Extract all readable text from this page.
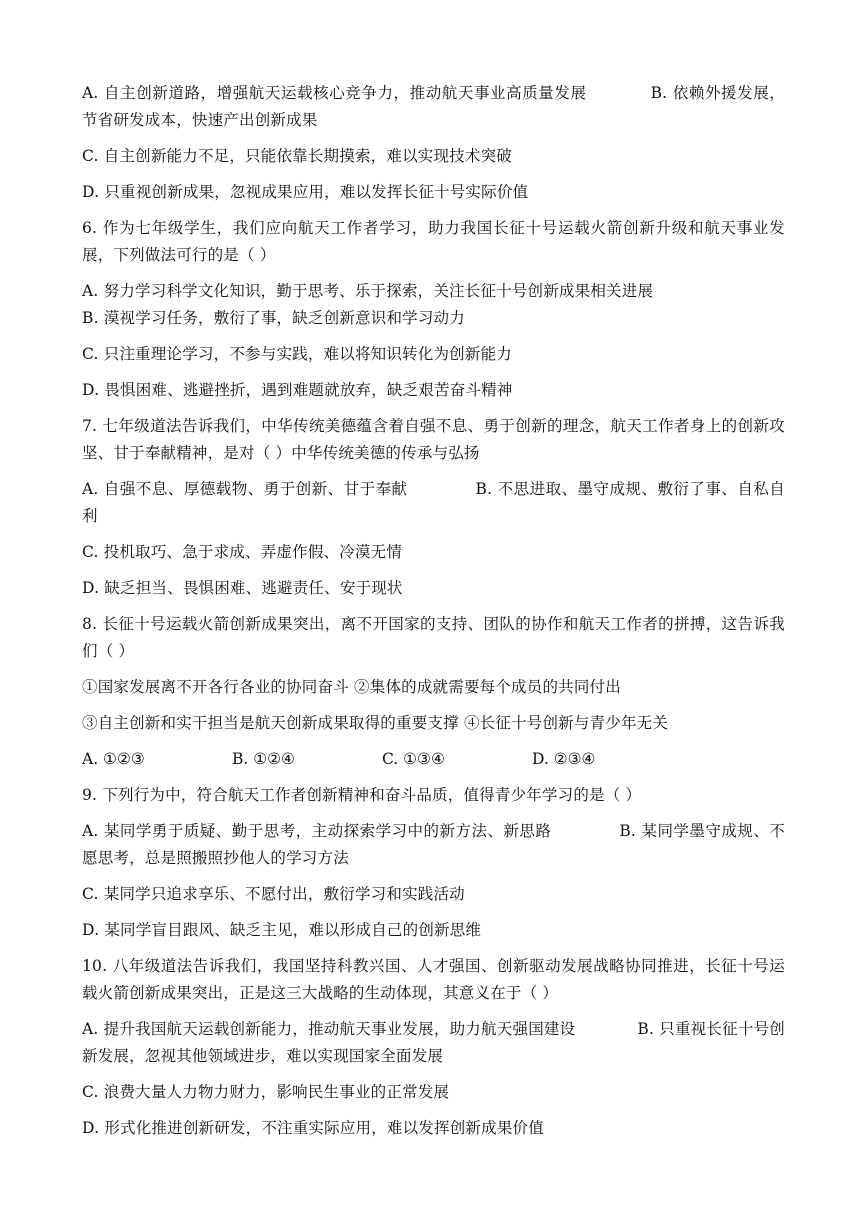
A. 自主创新道路，增强航天运载核心竞争力，推动航天事业高质量发展	B. 依赖外援发展，节省研发成本，快速产出创新成果
C. 自主创新能力不足，只能依靠长期摸索，难以实现技术突破
D. 只重视创新成果，忽视成果应用，难以发挥长征十号实际价值
6. 作为七年级学生，我们应向航天工作者学习，助力我国长征十号运载火箭创新升级和航天事业发展，下列做法可行的是（ ）
A. 努力学习科学文化知识，勤于思考、乐于探索，关注长征十号创新成果相关进展
B. 漠视学习任务，敷衍了事，缺乏创新意识和学习动力
C. 只注重理论学习，不参与实践，难以将知识转化为创新能力
D. 畏惧困难、逃避挫折，遇到难题就放弃，缺乏艰苦奋斗精神
7. 七年级道法告诉我们，中华传统美德蕴含着自强不息、勇于创新的理念，航天工作者身上的创新攻坚、甘于奉献精神，是对（ ）中华传统美德的传承与弘扬
A. 自强不息、厚德载物、勇于创新、甘于奉献	B. 不思进取、墨守成规、敷衍了事、自私自利
C. 投机取巧、急于求成、弄虚作假、冷漠无情
D. 缺乏担当、畏惧困难、逃避责任、安于现状
8. 长征十号运载火箭创新成果突出，离不开国家的支持、团队的协作和航天工作者的拼搏，这告诉我们（ ）
①国家发展离不开各行各业的协同奋斗 ②集体的成就需要每个成员的共同付出
③自主创新和实干担当是航天创新成果取得的重要支撑 ④长征十号创新与青少年无关
A. ①②③	B. ①②④	C. ①③④	D. ②③④
9. 下列行为中，符合航天工作者创新精神和奋斗品质，值得青少年学习的是（ ）
A. 某同学勇于质疑、勤于思考，主动探索学习中的新方法、新思路	B. 某同学墨守成规、不愿思考，总是照搬照抄他人的学习方法
C. 某同学只追求享乐、不愿付出，敷衍学习和实践活动
D. 某同学盲目跟风、缺乏主见，难以形成自己的创新思维
10. 八年级道法告诉我们，我国坚持科教兴国、人才强国、创新驱动发展战略协同推进，长征十号运载火箭创新成果突出，正是这三大战略的生动体现，其意义在于（ ）
A. 提升我国航天运载创新能力，推动航天事业发展，助力航天强国建设	B. 只重视长征十号创新发展，忽视其他领域进步，难以实现国家全面发展
C. 浪费大量人力物力财力，影响民生事业的正常发展
D. 形式化推进创新研发，不注重实际应用，难以发挥创新成果价值
